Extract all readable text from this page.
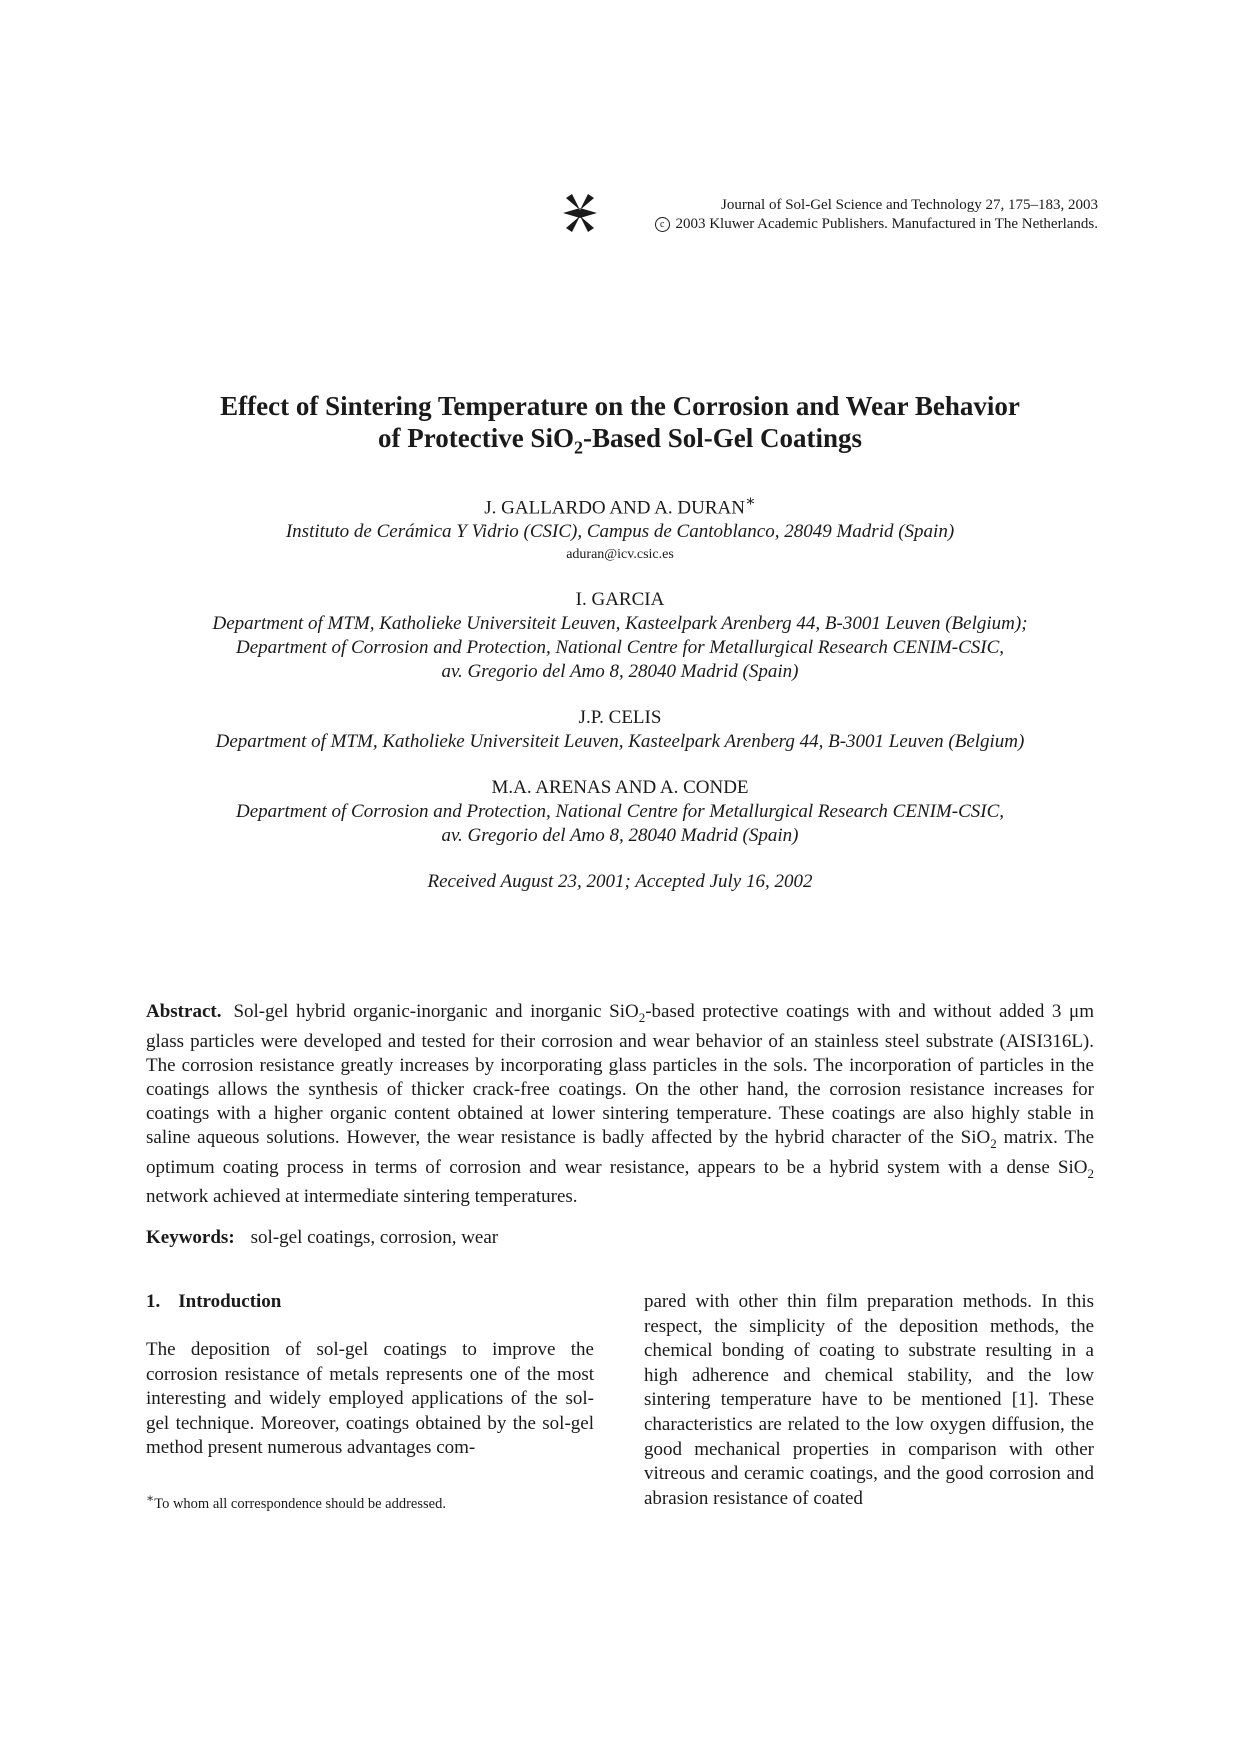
Journal of Sol-Gel Science and Technology 27, 175–183, 2003
c 2003 Kluwer Academic Publishers. Manufactured in The Netherlands.
Effect of Sintering Temperature on the Corrosion and Wear Behavior
of Protective SiO$_2$-Based Sol-Gel Coatings
J. GALLARDO AND A. DURAN∗
Instituto de Cerámica Y Vidrio (CSIC), Campus de Cantoblanco, 28049 Madrid (Spain)
aduran@icv.csic.es
I. GARCIA
Department of MTM, Katholieke Universiteit Leuven, Kasteelpark Arenberg 44, B-3001 Leuven (Belgium);
Department of Corrosion and Protection, National Centre for Metallurgical Research CENIM-CSIC,
av. Gregorio del Amo 8, 28040 Madrid (Spain)
J.P. CELIS
Department of MTM, Katholieke Universiteit Leuven, Kasteelpark Arenberg 44, B-3001 Leuven (Belgium)
M.A. ARENAS AND A. CONDE
Department of Corrosion and Protection, National Centre for Metallurgical Research CENIM-CSIC,
av. Gregorio del Amo 8, 28040 Madrid (Spain)
Received August 23, 2001; Accepted July 16, 2002

Abstract. Sol-gel hybrid organic-inorganic and inorganic SiO$_2$-based protective coatings with and without added 3 μm glass particles were developed and tested for their corrosion and wear behavior of an stainless steel substrate (AISI316L). The corrosion resistance greatly increases by incorporating glass particles in the sols. The incorporation of particles in the coatings allows the synthesis of thicker crack-free coatings. On the other hand, the corrosion resistance increases for coatings with a higher organic content obtained at lower sintering temperature. These coatings are also highly stable in saline aqueous solutions. However, the wear resistance is badly affected by the hybrid character of the SiO$_2$ matrix. The optimum coating process in terms of corrosion and wear resistance, appears to be a hybrid system with a dense SiO$_2$ network achieved at intermediate sintering temperatures.

Keywords: sol-gel coatings, corrosion, wear

1. Introduction

The deposition of sol-gel coatings to improve the corrosion resistance of metals represents one of the most interesting and widely employed applications of the sol-gel technique. Moreover, coatings obtained by the sol-gel method present numerous advantages com-

∗To whom all correspondence should be addressed.

pared with other thin film preparation methods. In this respect, the simplicity of the deposition methods, the chemical bonding of coating to substrate resulting in a high adherence and chemical stability, and the low sintering temperature have to be mentioned [1]. These characteristics are related to the low oxygen diffusion, the good mechanical properties in comparison with other vitreous and ceramic coatings, and the good corrosion and abrasion resistance of coated
